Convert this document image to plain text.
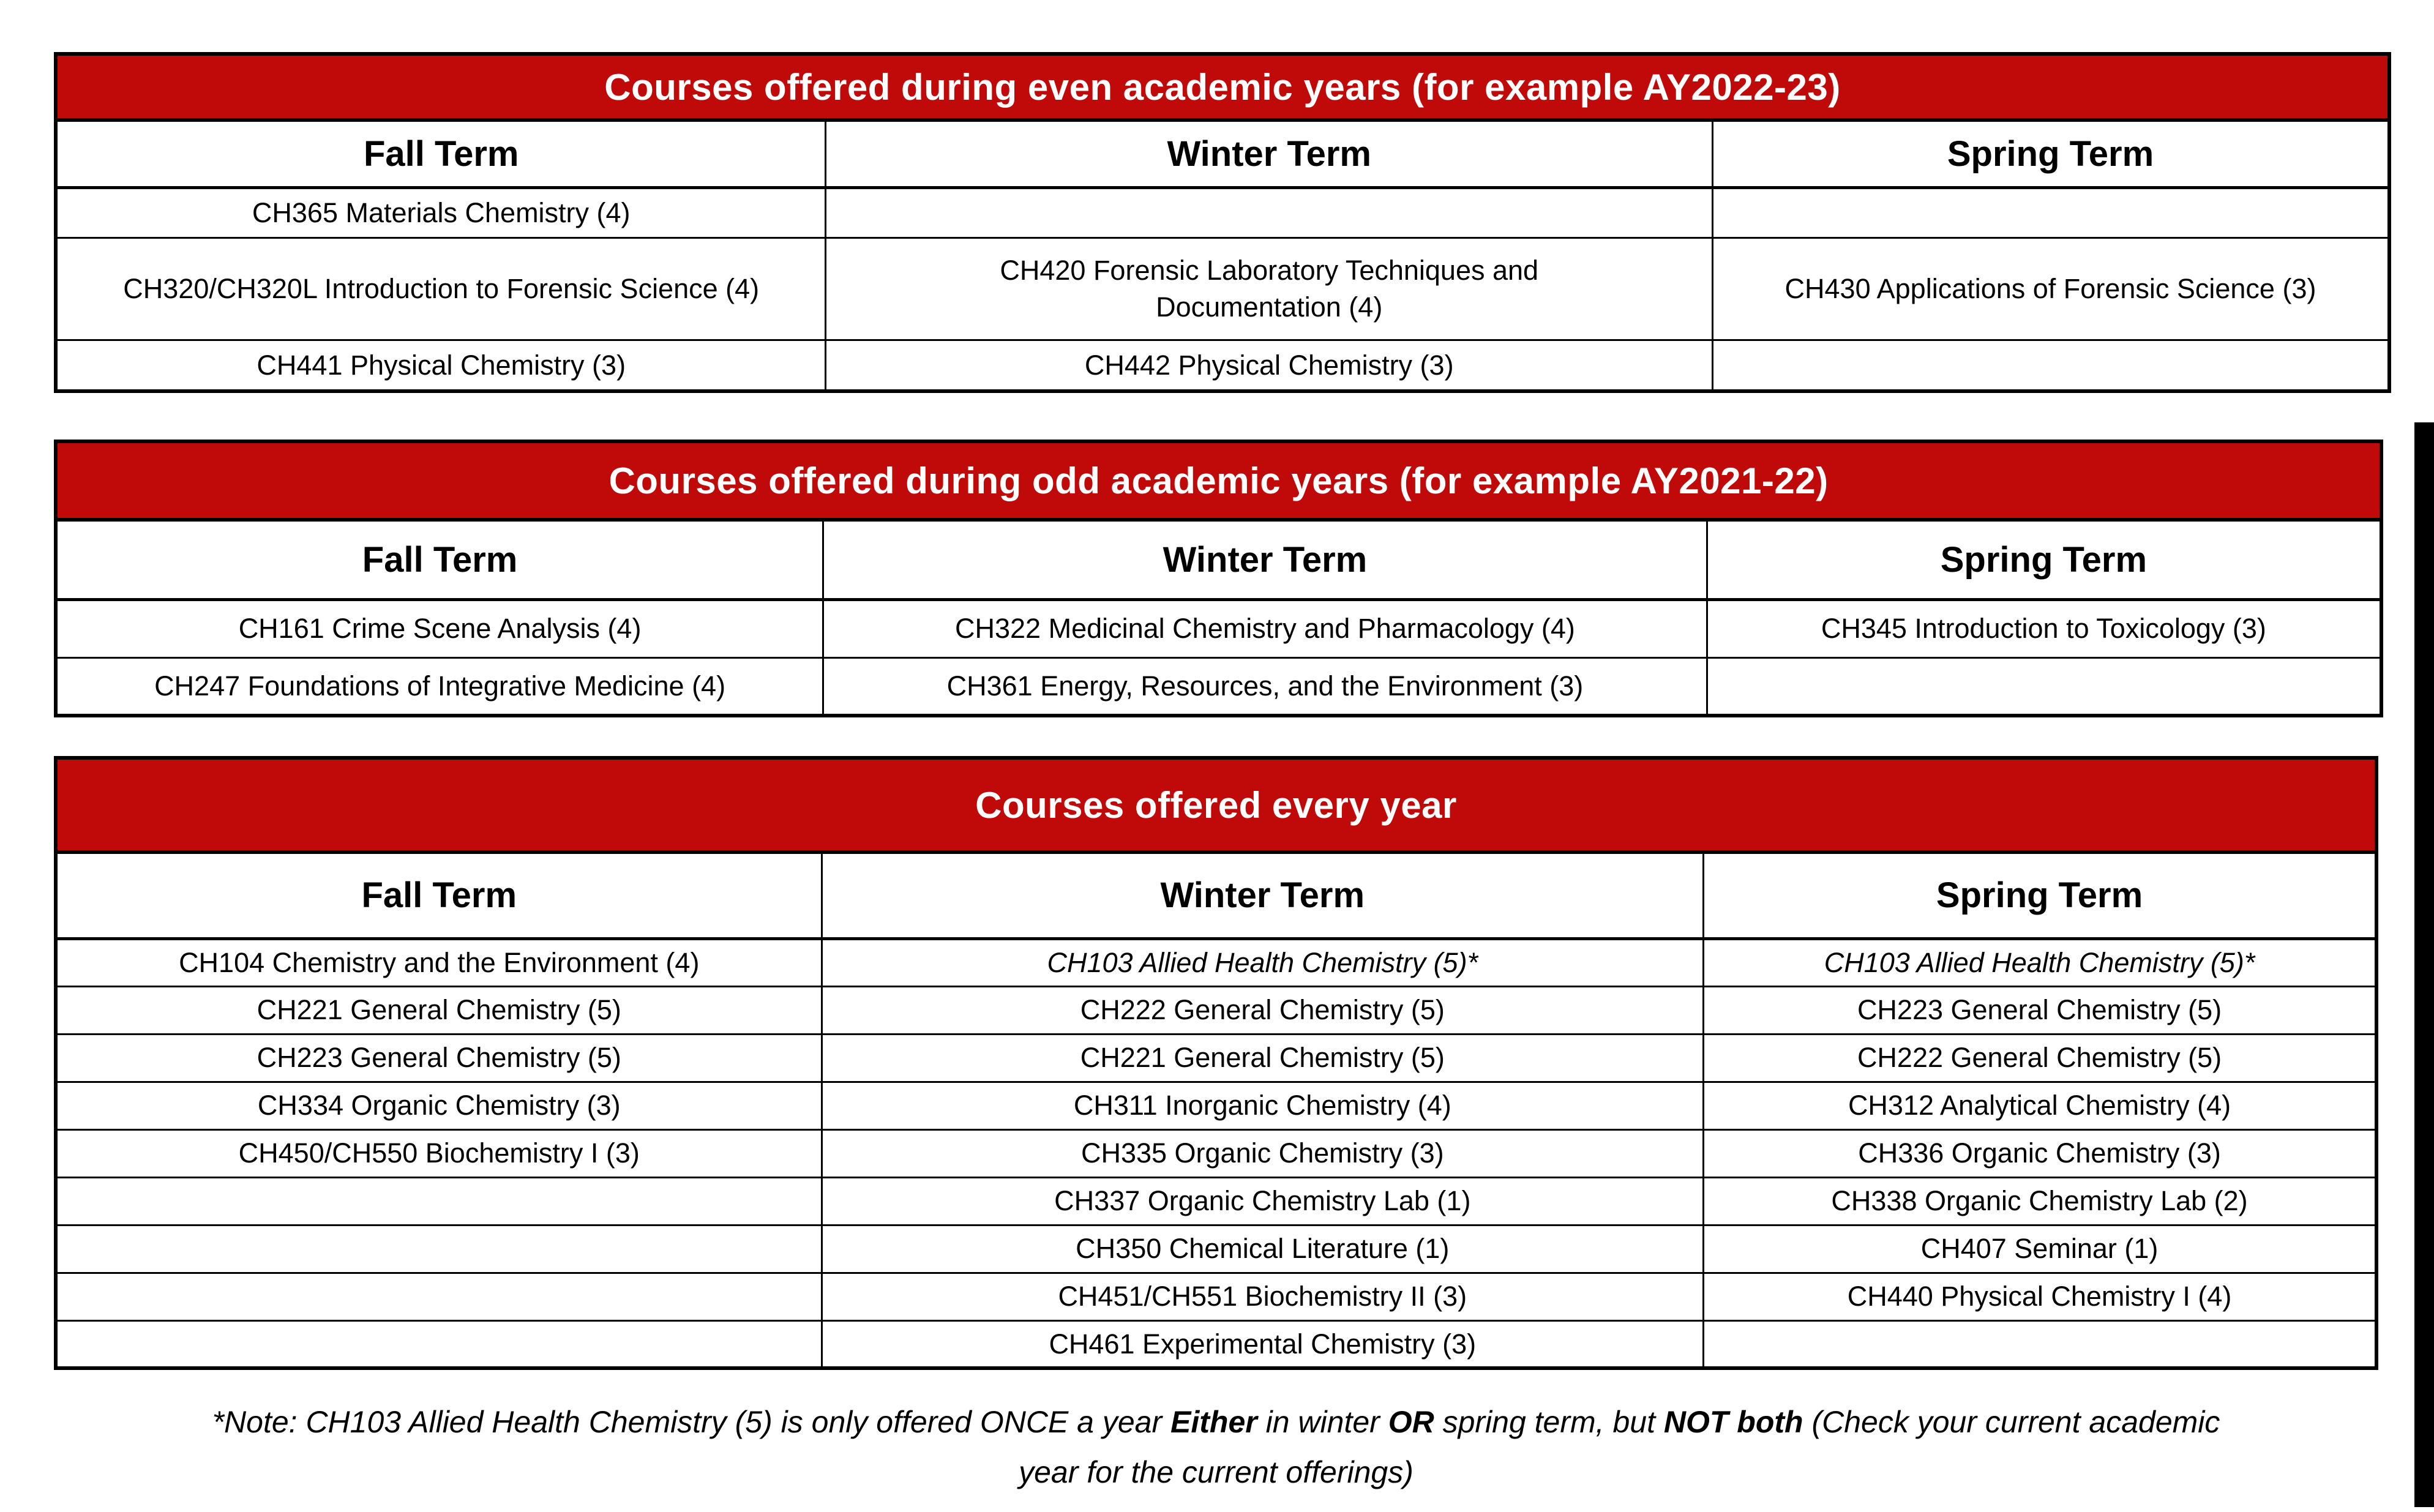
Courses offered during even academic years (for example AY2022-23)		
Fall Term	Winter Term	Spring Term
CH365 Materials Chemistry (4)		
CH320/CH320L Introduction to Forensic Science (4)	CH420 Forensic Laboratory Techniques and Documentation (4)	CH430 Applications of Forensic Science (3)
CH441 Physical Chemistry (3)	CH442 Physical Chemistry (3)	
Courses offered during odd academic years (for example AY2021-22)		
Fall Term	Winter Term	Spring Term
CH161 Crime Scene Analysis (4)	CH322 Medicinal Chemistry and Pharmacology (4)	CH345 Introduction to Toxicology (3)
CH247 Foundations of Integrative Medicine (4)	CH361 Energy, Resources, and the Environment (3)	
Courses offered every year		
Fall Term	Winter Term	Spring Term
CH104 Chemistry and the Environment (4)	CH103 Allied Health Chemistry (5)*	CH103 Allied Health Chemistry (5)*
CH221 General Chemistry (5)	CH222 General Chemistry (5)	CH223 General Chemistry (5)
CH223 General Chemistry (5)	CH221 General Chemistry (5)	CH222 General Chemistry (5)
CH334 Organic Chemistry (3)	CH311 Inorganic Chemistry (4)	CH312 Analytical Chemistry (4)
CH450/CH550 Biochemistry I (3)	CH335 Organic Chemistry (3)	CH336 Organic Chemistry (3)
	CH337 Organic Chemistry Lab (1)	CH338 Organic Chemistry Lab (2)
	CH350 Chemical Literature (1)	CH407 Seminar (1)
	CH451/CH551 Biochemistry II (3)	CH440 Physical Chemistry I (4)
	CH461 Experimental Chemistry (3)	
*Note: CH103 Allied Health Chemistry (5) is only offered ONCE a year Either in winter OR spring term, but NOT both (Check your current academic
year for the current offerings)
